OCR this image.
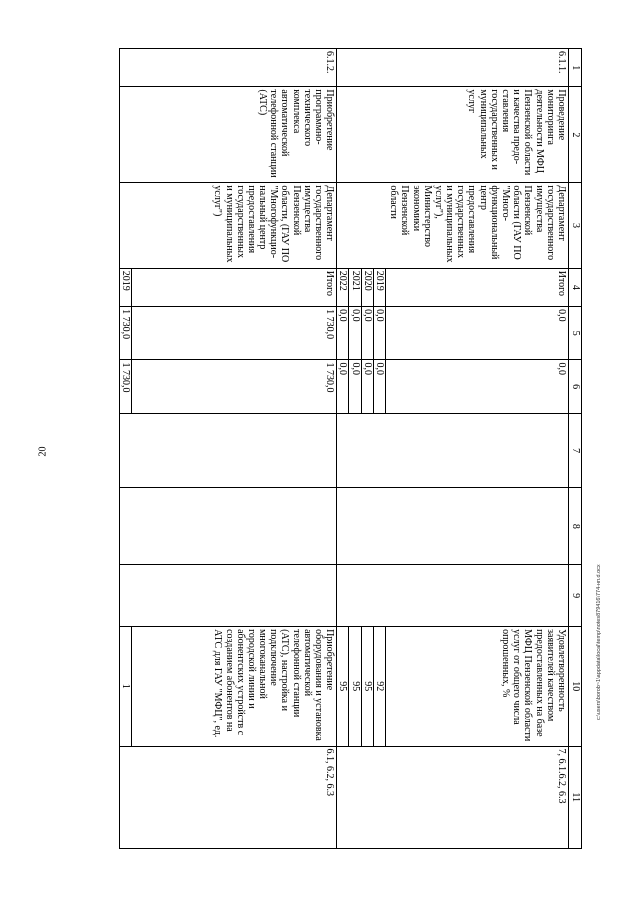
20
1	2	3	4	5	6	7	8	9	10	11
6.1.1.	Проведение мониторинга деятельности МФЦ Пензенской области и качества предоставления государственных и муниципальных услуг	Департамент государственного имущества Пензенской области (ГАУ ПО "Многофункциональный центр предоставления государственных и муниципальных услуг"), Министерство экономики Пензенской области	Итого	0,0	0,0				Удовлетворенность заявителей качеством предоставленных на базе МФЦ Пензенской области услуг от общего числа опрошенных, %	7, 6.1.6.2, 6.3
			2019	0,0	0,0				92	
			2020	0,0	0,0				95	
			2021	0,0	0,0				95	
			2022	0,0	0,0				95	
6.1.2.	Приобретение программно-технического комплекса автоматической телефонной станции (АТС)	Департамент государственного имущества Пензенской области, (ГАУ ПО "Многофункциональный центр предоставления государственных и муниципальных услуг")	Итого	1 730,0	1 730,0				Приобретение оборудования и установка автоматической телефонной станции (АТС), настройка и подключение многоканальной городской линии и абонентских устройств с созданием абонентов на АТС для ГАУ "МФЦ", ед.	6.1, 6.2, 6.3
			2019	1 730,0	1 730,0				1		c:\users\borob~1\appdata\local\temp\notes879416\774-нп.d.ocx
